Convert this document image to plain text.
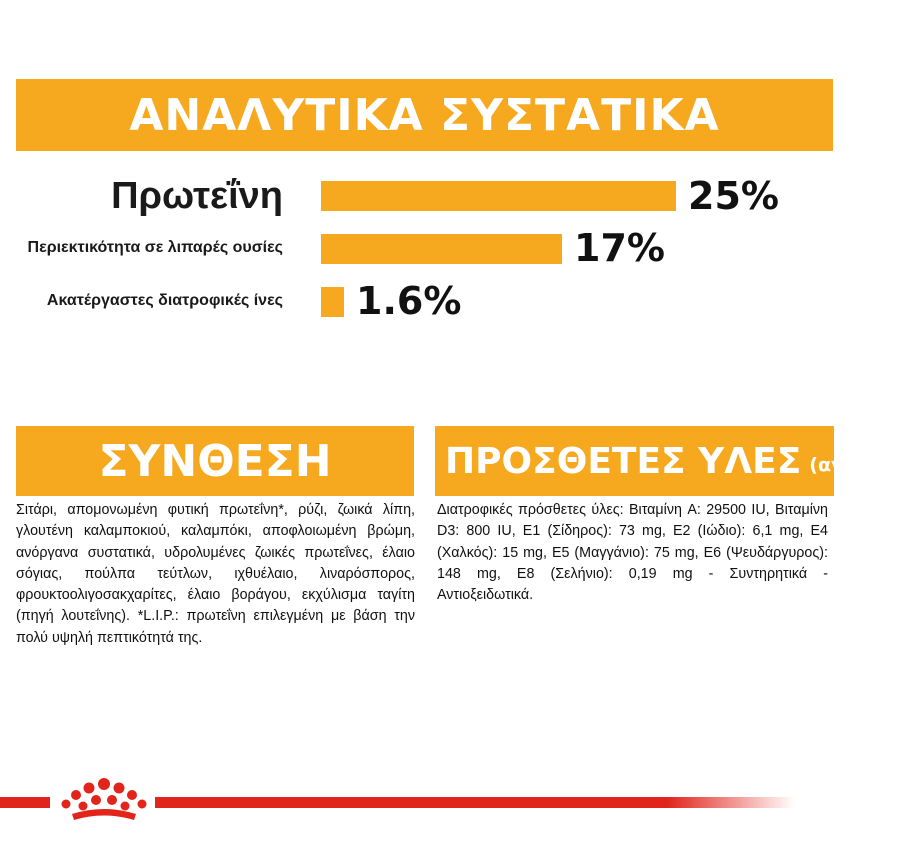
ΑΝΑΛΥΤΙΚΑ ΣΥΣΤΑΤΙΚΑ
Πρωτεΐνη	25%
Περιεκτικότητα σε λιπαρές ουσίες	17%
Ακατέργαστες διατροφικές ίνες 1.6%
ΣΥΝΘΕΣΗ

Σιτάρι, απομονωμένη φυτική πρωτεΐνη*, ρύζι, ζωικά λίπη, γλουτένη καλαμποκιού, καλαμπόκι, αποφλοιωμένη βρώμη, ανόργανα συστατικά, υδρολυμένες ζωικές πρωτεΐνες, έλαιο σόγιας, πούλπα τεύτλων, ιχθυέλαιο, λιναρόσπορος, φρουκτοολιγοσακχαρίτες, έλαιο βοράγου, εκχύλισμα ταγίτη (πηγή λουτεΐνης). *L.I.P.: πρωτεΐνη επιλεγμένη με βάση την πολύ υψηλή πεπτικότητά της.

ΠΡΟΣΘΕΤΕΣ ΥΛΕΣ (ανά kg)

Διατροφικές πρόσθετες ύλες: Βιταμίνη A: 29500 IU, Βιταμίνη D3: 800 IU, E1 (Σίδηρος): 73 mg, E2 (Ιώδιο): 6,1 mg, E4 (Χαλκός): 15 mg, E5 (Μαγγάνιο): 75 mg, E6 (Ψευδάργυρος): 148 mg, E8 (Σελήνιο): 0,19 mg - Συντηρητικά - Αντιοξειδωτικά.
